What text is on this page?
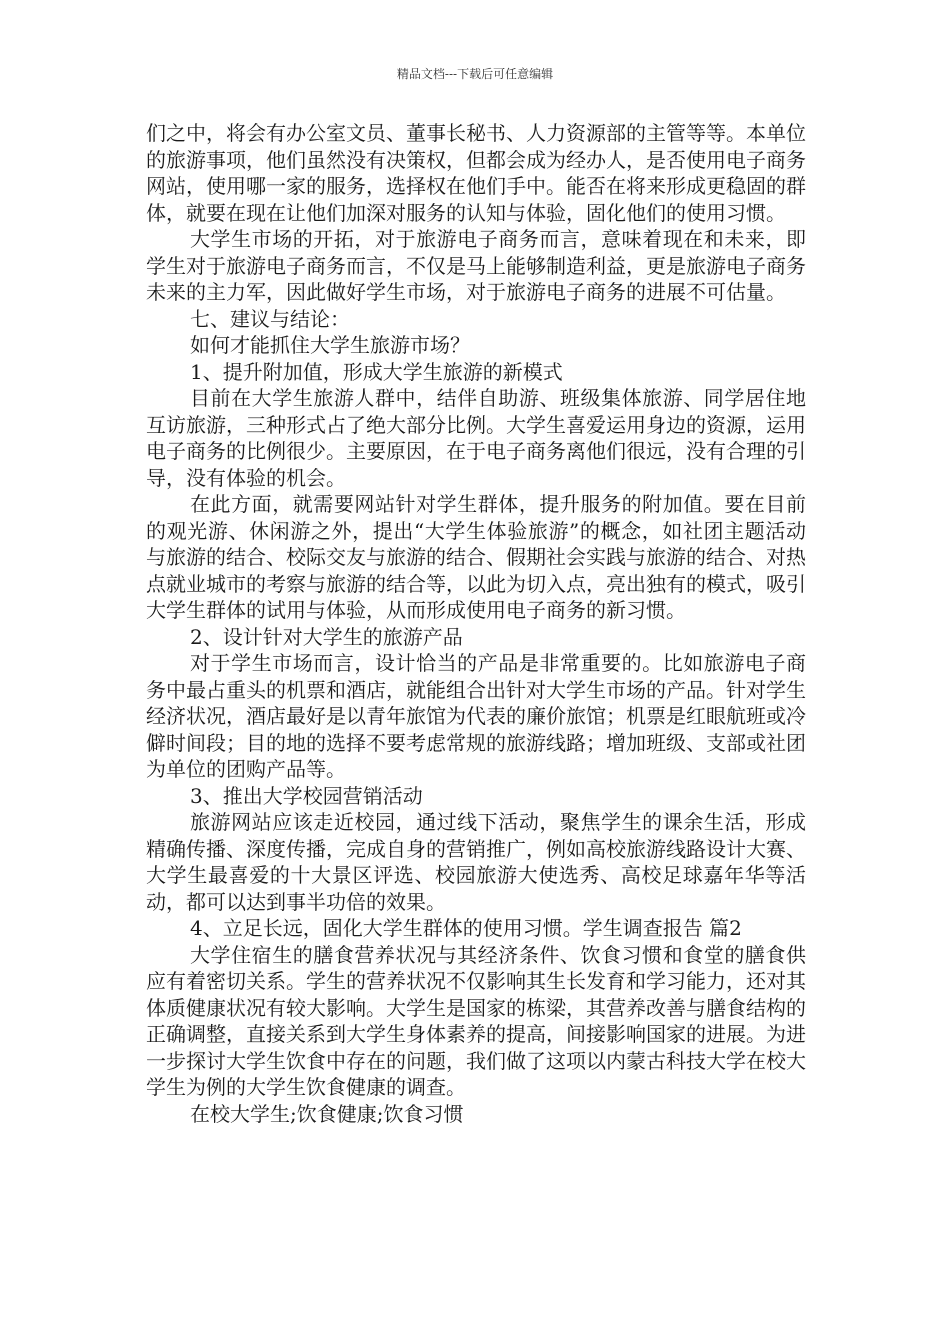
精品文档---下载后可任意编辑

们之中，将会有办公室文员、董事长秘书、人力资源部的主管等等。本单位的旅游事项，他们虽然没有决策权，但都会成为经办人，是否使用电子商务网站，使用哪一家的服务，选择权在他们手中。能否在将来形成更稳固的群体，就要在现在让他们加深对服务的认知与体验，固化他们的使用习惯。

大学生市场的开拓，对于旅游电子商务而言，意味着现在和未来，即学生对于旅游电子商务而言，不仅是马上能够制造利益，更是旅游电子商务未来的主力军，因此做好学生市场，对于旅游电子商务的进展不可估量。

七、建议与结论：

如何才能抓住大学生旅游市场？

1、提升附加值，形成大学生旅游的新模式

目前在大学生旅游人群中，结伴自助游、班级集体旅游、同学居住地互访旅游，三种形式占了绝大部分比例。大学生喜爱运用身边的资源，运用电子商务的比例很少。主要原因，在于电子商务离他们很远，没有合理的引导，没有体验的机会。

在此方面，就需要网站针对学生群体，提升服务的附加值。要在目前的观光游、休闲游之外，提出“大学生体验旅游”的概念，如社团主题活动与旅游的结合、校际交友与旅游的结合、假期社会实践与旅游的结合、对热点就业城市的考察与旅游的结合等，以此为切入点，亮出独有的模式，吸引大学生群体的试用与体验，从而形成使用电子商务的新习惯。

2、设计针对大学生的旅游产品

对于学生市场而言，设计恰当的产品是非常重要的。比如旅游电子商务中最占重头的机票和酒店，就能组合出针对大学生市场的产品。针对学生经济状况，酒店最好是以青年旅馆为代表的廉价旅馆；机票是红眼航班或冷僻时间段；目的地的选择不要考虑常规的旅游线路；增加班级、支部或社团为单位的团购产品等。

3、推出大学校园营销活动

旅游网站应该走近校园，通过线下活动，聚焦学生的课余生活，形成精确传播、深度传播，完成自身的营销推广，例如高校旅游线路设计大赛、大学生最喜爱的十大景区评选、校园旅游大使选秀、高校足球嘉年华等活动，都可以达到事半功倍的效果。

4、立足长远，固化大学生群体的使用习惯。学生调查报告 篇2

大学住宿生的膳食营养状况与其经济条件、饮食习惯和食堂的膳食供应有着密切关系。学生的营养状况不仅影响其生长发育和学习能力，还对其体质健康状况有较大影响。大学生是国家的栋梁，其营养改善与膳食结构的正确调整，直接关系到大学生身体素养的提高，间接影响国家的进展。为进一步探讨大学生饮食中存在的问题，我们做了这项以内蒙古科技大学在校大学生为例的大学生饮食健康的调查。

在校大学生;饮食健康;饮食习惯
